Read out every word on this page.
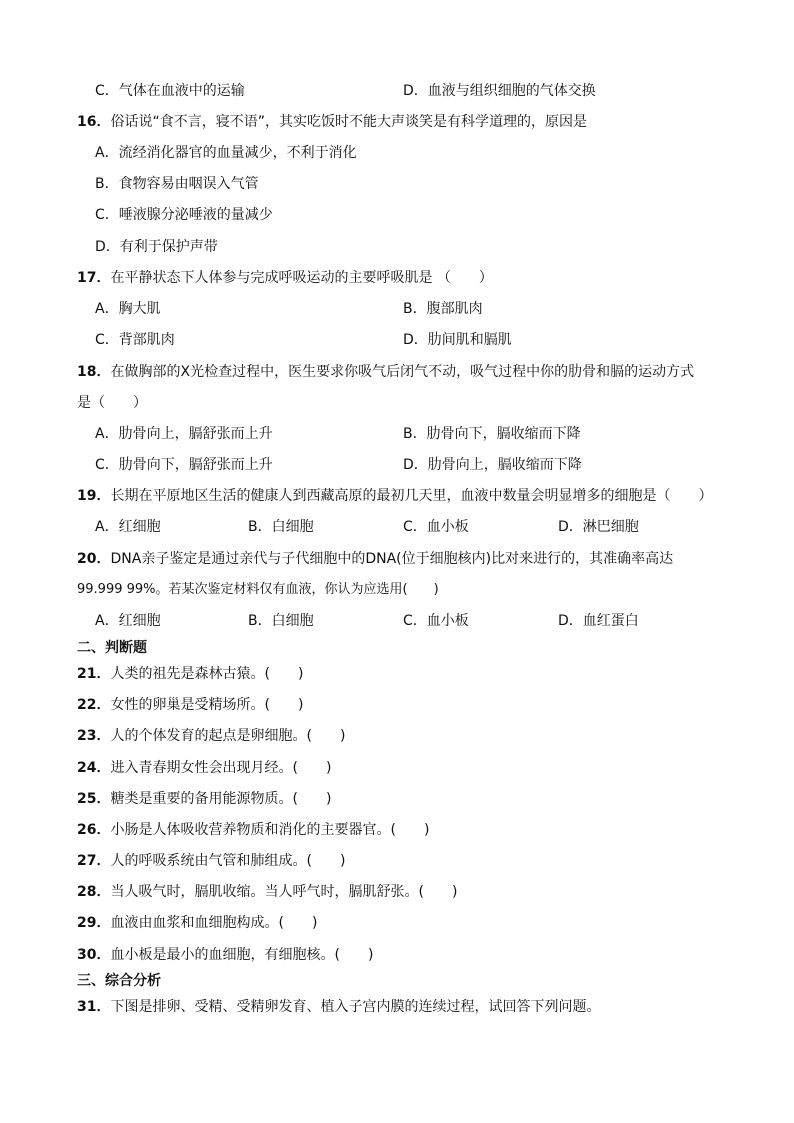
C．气体在血液中的运输	D．血液与组织细胞的气体交换
16．俗话说“食不言，寝不语”，其实吃饭时不能大声谈笑是有科学道理的，原因是
A．流经消化器官的血量减少，不利于消化
B．食物容易由咽误入气管
C．唾液腺分泌唾液的量减少
D．有利于保护声带
17．在平静状态下人体参与完成呼吸运动的主要呼吸肌是 （　　）
A．胸大肌	B．腹部肌肉
C．背部肌肉	D．肋间肌和膈肌
18．在做胸部的X光检查过程中，医生要求你吸气后闭气不动，吸气过程中你的肋骨和膈的运动方式
是（　　）
A．肋骨向上，膈舒张而上升	B．肋骨向下，膈收缩而下降
C．肋骨向下，膈舒张而上升	D．肋骨向上，膈收缩而下降
19．长期在平原地区生活的健康人到西藏高原的最初几天里，血液中数量会明显增多的细胞是（　　）
A．红细胞	B．白细胞	C．血小板	D．淋巴细胞
20．DNA亲子鉴定是通过亲代与子代细胞中的DNA(位于细胞核内)比对来进行的，其准确率高达
99.999 99%。若某次鉴定材料仅有血液，你认为应选用(　　)
A．红细胞	B．白细胞	C．血小板	D．血红蛋白
二、判断题
21．人类的祖先是森林古猿。(　　)
22．女性的卵巢是受精场所。(　　)
23．人的个体发育的起点是卵细胞。(　　)
24．进入青春期女性会出现月经。(　　)
25．糖类是重要的备用能源物质。(　　)
26．小肠是人体吸收营养物质和消化的主要器官。(　　)
27．人的呼吸系统由气管和肺组成。(　　)
28．当人吸气时，膈肌收缩。当人呼气时，膈肌舒张。(　　)
29．血液由血浆和血细胞构成。(　　)
30．血小板是最小的血细胞，有细胞核。(　　)
三、综合分析
31．下图是排卵、受精、受精卵发育、植入子宫内膜的连续过程，试回答下列问题。
